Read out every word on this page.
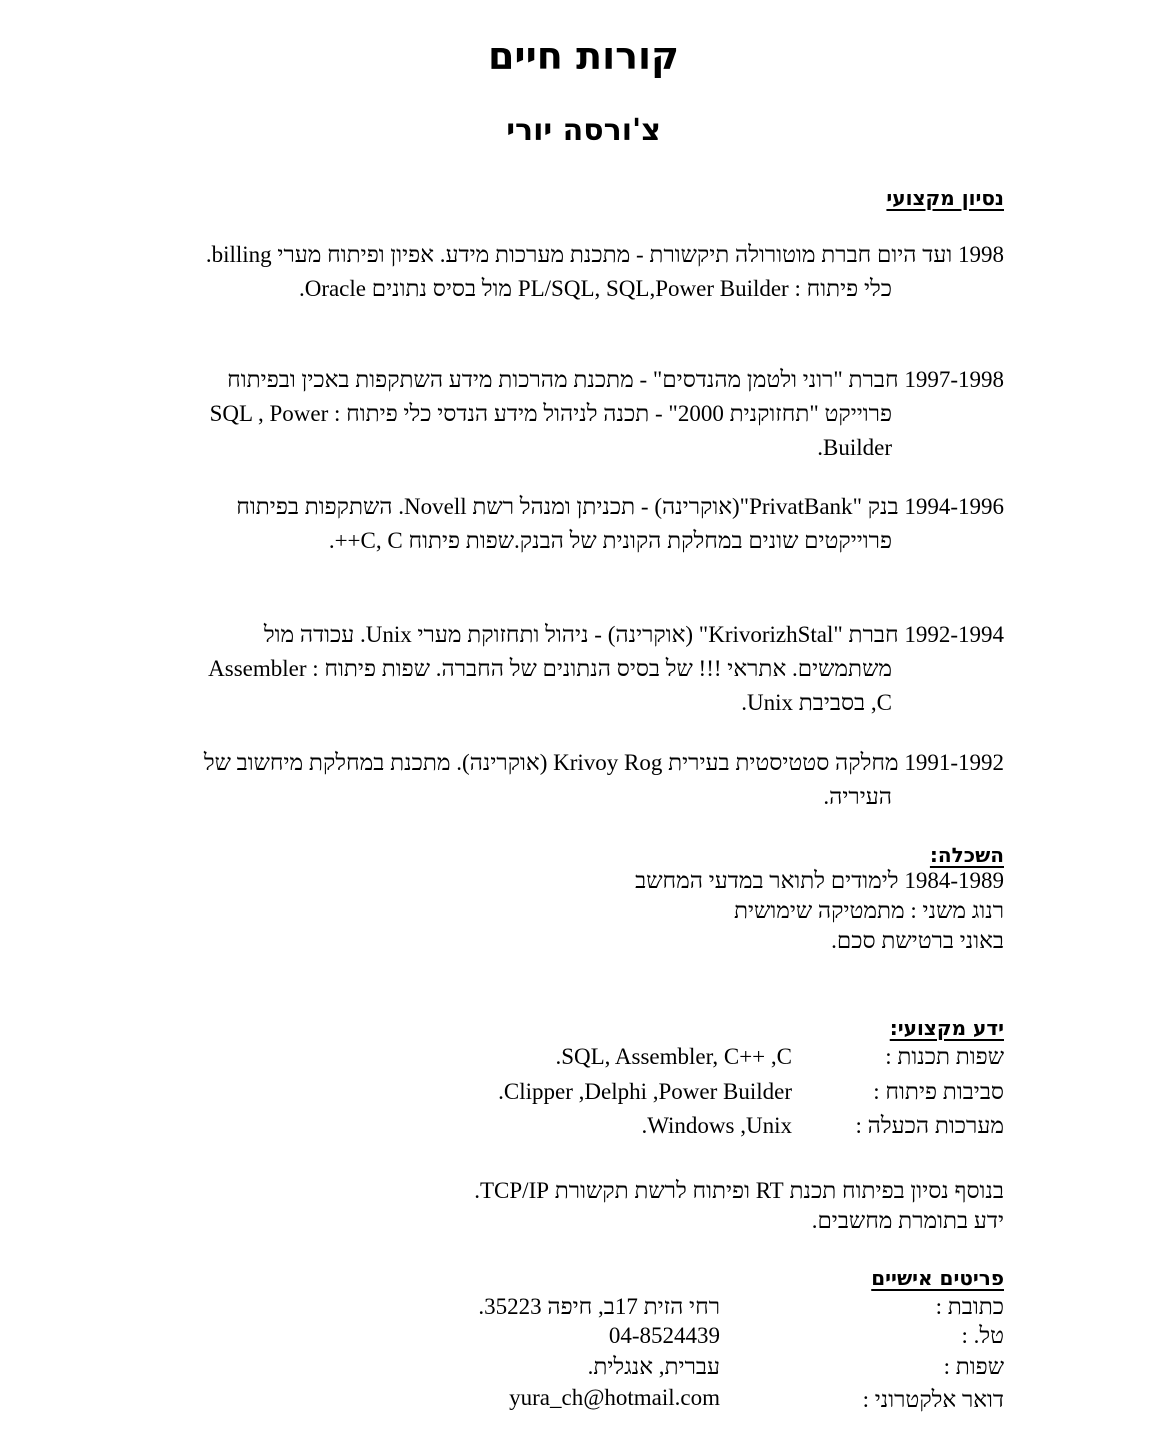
קורות חיים
צ'ורסה יורי
נסיון מקצועי

1998 ועד היום חברת מוטורולה תיקשורת - מתכנת מערכות מידע. אפיון ופיתוח מערי billing. כלי פיתוח : PL/SQL, SQL,Power Builder מול בסיס נתונים Oracle.

1997-1998 חברת "רוני ולטמן מהנדסים" - מתכנת מהרכות מידע השתקפות באכין ובפיתוח פרוייקט "תחזוקנית 2000" - תכנה לניהול מידע הנדסי כלי פיתוח : SQL , Power Builder.

1994-1996 בנק "PrivatBank"(אוקרינה) - תכניתן ומנהל רשת Novell. השתקפות בפיתוח פרוייקטים שונים במחלקת הקונית של הבנק.שפות פיתוח C, C++.

1992-1994 חברת "KrivorizhStal" (אוקרינה) - ניהול ותחזוקת מערי Unix. עכודה מול משתמשים. אתראי !!! של בסיס הנתונים של החברה. שפות פיתוח : Assembler ,C בסביבת Unix.

1991-1992 מחלקה סטטיסטית בעירית Krivoy Rog (אוקרינה). מתכנת במחלקת מיחשוב של העיריה.

השכלה:
1984-1989 לימודים לתואר במדעי המחשב
רנוג משני : מתמטיקה שימושית
באוני ברטישת סכם.
ידע מקצועי:
שפות תכנות :
SQL, Assembler, C++ ,C.
סביבות פיתוח :
Clipper ,Delphi ,Power Builder.
מערכות הכעלה :
Windows ,Unix.
בנוסף נסיון בפיתוח תכנת RT ופיתוח לרשת תקשורת TCP/IP.
ידע בתומרת מחשבים.
פריטים אישיים
כתובת :
רחי הזית 17ב, חיפה 35223.
טל. :
04-8524439
שפות :
עברית, אנגלית.
דואר אלקטרוני :
yura_ch@hotmail.com
